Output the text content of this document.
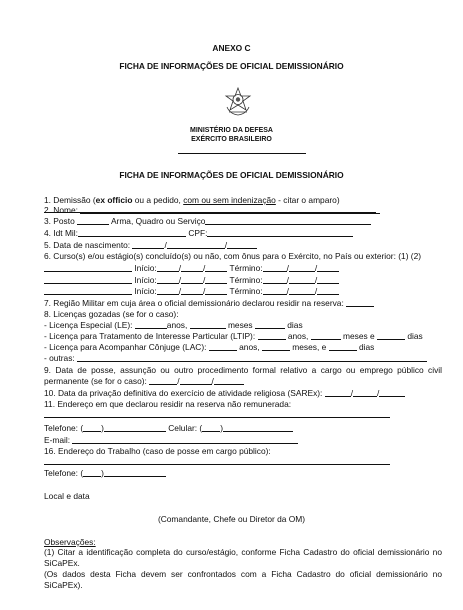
ANEXO C
FICHA DE INFORMAÇÕES DE OFICIAL DEMISSIONÁRIO
MINISTÉRIO DA DEFESA
EXÉRCITO BRASILEIRO
FICHA DE INFORMAÇÕES DE OFICIAL DEMISSIONÁRIO
1. Demissão (ex officio ou a pedido, com ou sem indenização - citar o amparo)
2. Nome:
3. Posto	Arma, Quadro ou Serviço
4. Idt Mil:	CPF:
5. Data de nascimento:	/	/
6. Curso(s) e/ou estágio(s) concluído(s) ou não, com ônus para o Exército, no País ou exterior: (1) (2)
Início:	/	/	Término:	/	/
Início:	/	/	Término:	/	/
Início:	/	/	Término:	/	/
7. Região Militar em cuja área o oficial demissionário declarou residir na reserva:
8. Licenças gozadas (se for o caso):
- Licença Especial (LE):	anos,	meses	dias
- Licença para Tratamento de Interesse Particular (LTIP):	anos,	meses e	dias
- Licença para Acompanhar Cônjuge (LAC):	anos,	meses, e	dias
- outras:
9. Data de posse, assunção ou outro procedimento formal relativo a cargo ou emprego público civil permanente (se for o caso):	/	/
10. Data da privação definitiva do exercício de atividade religiosa (SAREx):	/	/
11. Endereço em que declarou residir na reserva não remunerada:
Telefone: ( )	Celular: ( )
E-mail:
16. Endereço do Trabalho (caso de posse em cargo público):
Telefone: ( )
Local e data
(Comandante, Chefe ou Diretor da OM)
Observações:
(1) Citar a identificação completa do curso/estágio, conforme Ficha Cadastro do oficial demissionário no SiCaPEx.
(Os dados desta Ficha devem ser confrontados com a Ficha Cadastro do oficial demissionário no SiCaPEx).
